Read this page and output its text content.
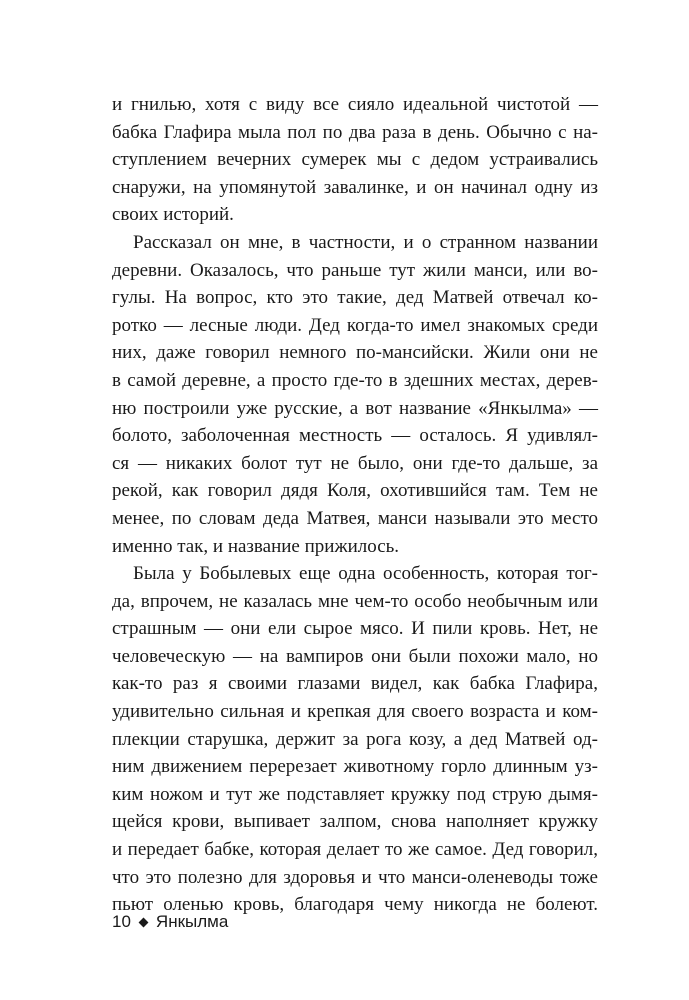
и гнилью, хотя с виду все сияло идеальной чистотой —
бабка Глафира мыла пол по два раза в день. Обычно с на-
ступлением вечерних сумерек мы с дедом устраивались
снаружи, на упомянутой завалинке, и он начинал одну из
своих историй.
Рассказал он мне, в частности, и о странном названии
деревни. Оказалось, что раньше тут жили манси, или во-
гулы. На вопрос, кто это такие, дед Матвей отвечал ко-
ротко — лесные люди. Дед когда-то имел знакомых среди
них, даже говорил немного по-мансийски. Жили они не
в самой деревне, а просто где-то в здешних местах, дерев-
ню построили уже русские, а вот название «Янкылма» —
болото, заболоченная местность — осталось. Я удивлял-
ся — никаких болот тут не было, они где-то дальше, за
рекой, как говорил дядя Коля, охотившийся там. Тем не
менее, по словам деда Матвея, манси называли это место
именно так, и название прижилось.
Была у Бобылевых еще одна особенность, которая тог-
да, впрочем, не казалась мне чем-то особо необычным или
страшным — они ели сырое мясо. И пили кровь. Нет, не
человеческую — на вампиров они были похожи мало, но
как-то раз я своими глазами видел, как бабка Глафира,
удивительно сильная и крепкая для своего возраста и ком-
плекции старушка, держит за рога козу, а дед Матвей од-
ним движением перерезает животному горло длинным уз-
ким ножом и тут же подставляет кружку под струю дымя-
щейся крови, выпивает залпом, снова наполняет кружку
и передает бабке, которая делает то же самое. Дед говорил,
что это полезно для здоровья и что манси-оленеводы тоже
пьют оленью кровь, благодаря чему никогда не болеют.
10 Янкылма
